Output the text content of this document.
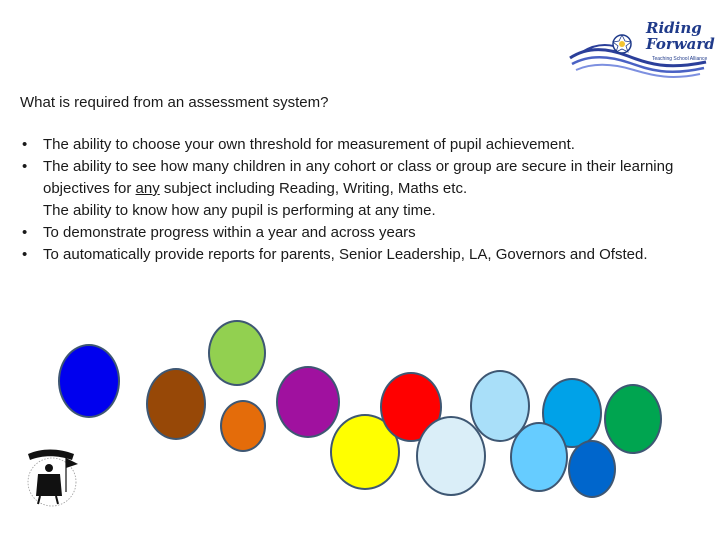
Riding
Forward
Teaching School Alliance
What is required from an assessment system?
• The ability to choose your own threshold for measurement of pupil achievement.
• The ability to see how many children in any cohort or class or group are secure in their learning objectives for any subject including Reading, Writing, Maths etc.
The ability to know how any pupil is performing at any time.
• To demonstrate progress within a year and across years
• To automatically provide reports for parents, Senior Leadership, LA, Governors and Ofsted.
